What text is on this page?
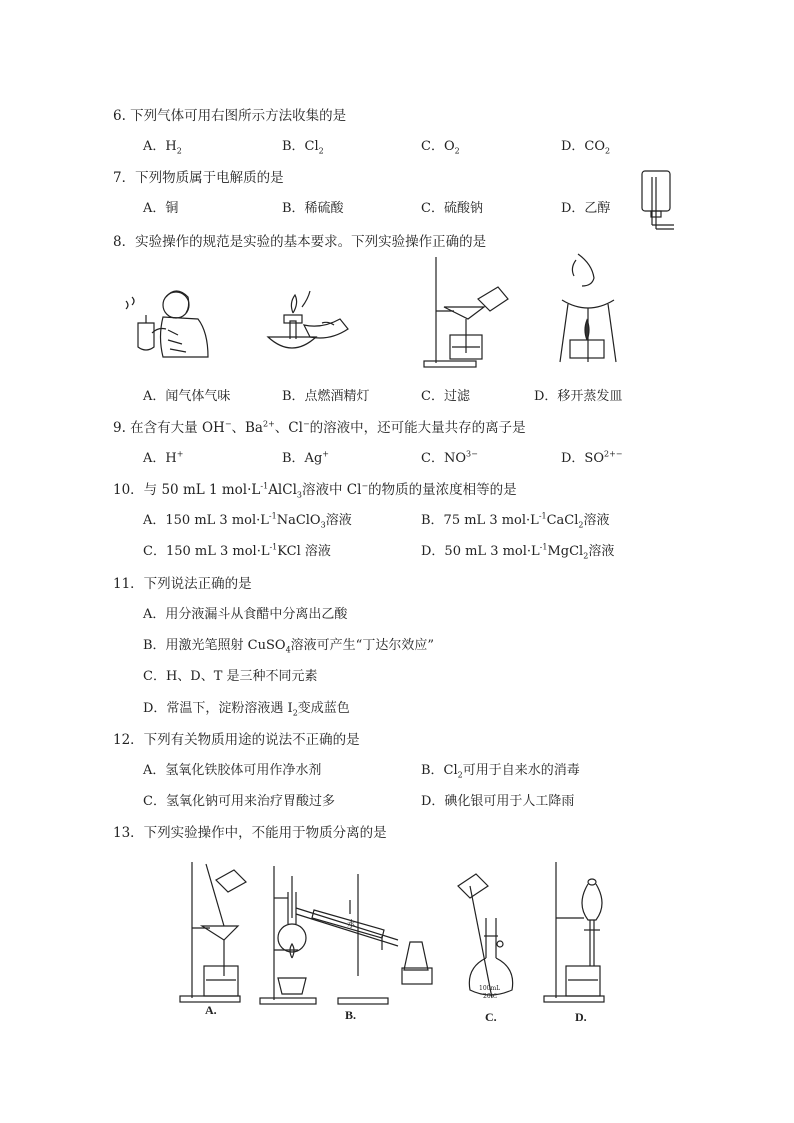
6. 下列气体可用右图所示方法收集的是
A．$H_2$	B．$Cl_2$	C．$O_2$	D．$CO_2$
7．下列物质属于电解质的是
A．铜	B．稀硫酸	C．硫酸钠	D．乙醇
8．实验操作的规范是实验的基本要求。下列实验操作正确的是
A．闻气体气味	B．点燃酒精灯	C．过滤	D．移开蒸发皿
9. 在含有大量 OH−、$Ba^{2+}$、Cl−的溶液中，还可能大量共存的离子是
A．H+	B．Ag+	C．$NO^{3-}$	D．$SO^{2+-}$
10．与 50 mL 1 $mol\cdot L^{-1}AlCl_3$溶液中 Cl−的物质的量浓度相等的是
A．150 mL 3 $mol\cdot L^{-1}NaClO_3$溶液	B．75 mL 3 $mol\cdot L^{-1}CaCl_2$溶液
C．150 mL 3 $mol\cdot L^{-1}KCl$ 溶液	D．50 mL 3 $mol\cdot L^{-1}MgCl_2$溶液
11．下列说法正确的是
A．用分液漏斗从食醋中分离出乙酸
B．用激光笔照射 CuSO$_4$溶液可产生“丁达尔效应”
C．H、D、T 是三种不同元素
D．常温下，淀粉溶液遇 $I_2$变成蓝色
12．下列有关物质用途的说法不正确的是
A．氢氧化铁胶体可用作净水剂	B．$Cl_2$可用于自来水的消毒
C．氢氧化钠可用来治疗胃酸过多	D．碘化银可用于人工降雨
13．下列实验操作中，不能用于物质分离的是
A.
水
B.
100mL
20℃
C.	D.
